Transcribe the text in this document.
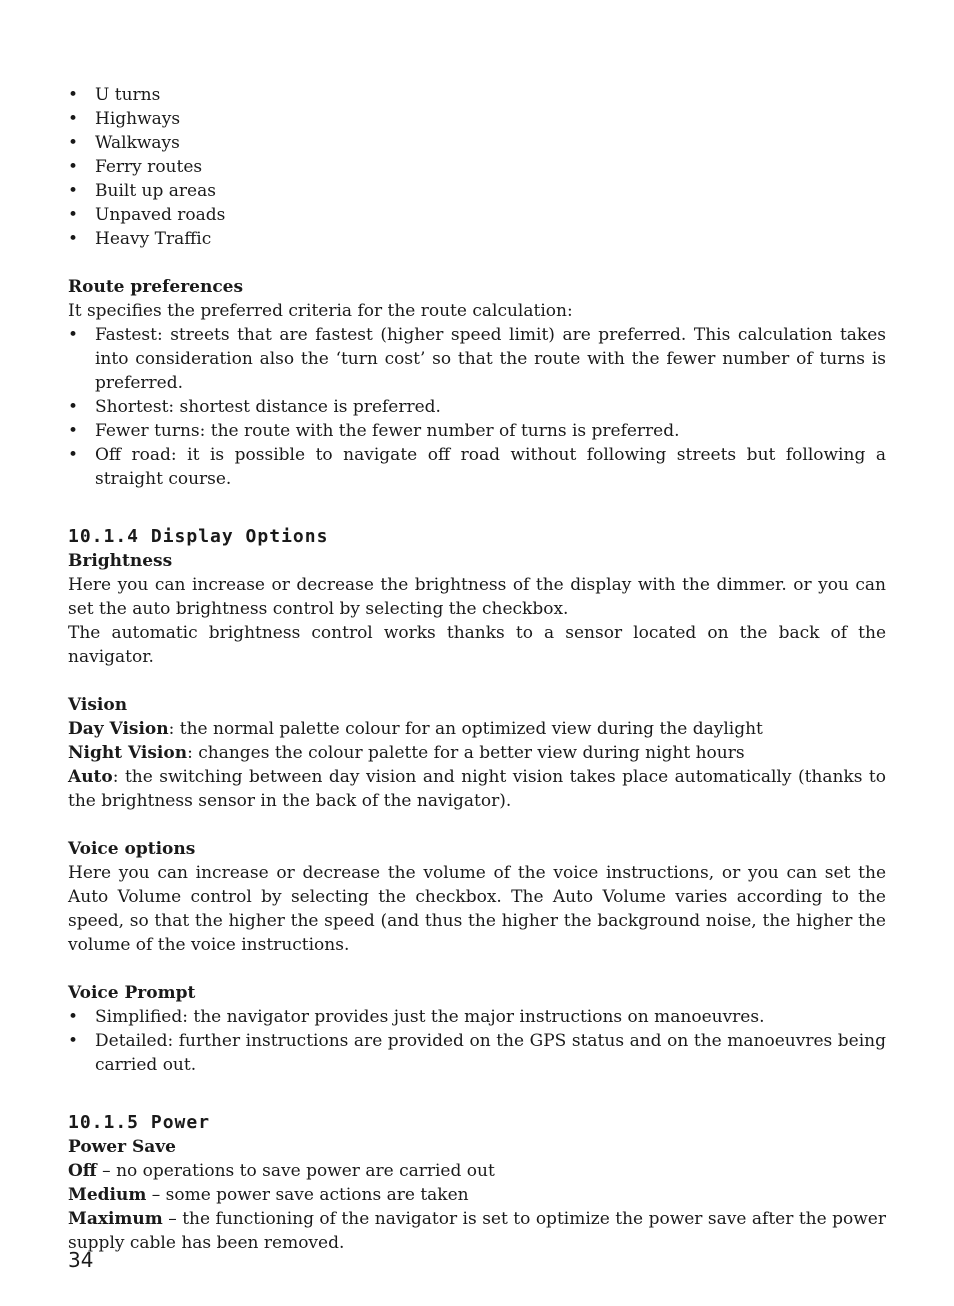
• U turns
• Highways
• Walkways
• Ferry routes
• Built up areas
• Unpaved roads
• Heavy Traffic
Route preferences

It specifies the preferred criteria for the route calculation:

• Fastest: streets that are fastest (higher speed limit) are preferred. This calculation takes into consideration also the ‘turn cost’ so that the route with the fewer number of turns is preferred.
• Shortest: shortest distance is preferred.
• Fewer turns: the route with the fewer number of turns is preferred.
• Off road: it is possible to navigate off road without following streets but following a straight course.
10.1.4 Display Options
Brightness

Here you can increase or decrease the brightness of the display with the dimmer. or you can set the auto brightness control by selecting the checkbox.

The automatic brightness control works thanks to a sensor located on the back of the navigator.

Vision

Day Vision: the normal palette colour for an optimized view during the daylight

Night Vision: changes the colour palette for a better view during night hours

Auto: the switching between day vision and night vision takes place automatically (thanks to the brightness sensor in the back of the navigator).

Voice options

Here you can increase or decrease the volume of the voice instructions, or you can set the Auto Volume control by selecting the checkbox. The Auto Volume varies according to the speed, so that the higher the speed (and thus the higher the background noise, the higher the volume of the voice instructions.

Voice Prompt
• Simplified: the navigator provides just the major instructions on manoeuvres.
• Detailed: further instructions are provided on the GPS status and on the manoeuvres being carried out.
10.1.5 Power
Power Save

Off – no operations to save power are carried out

Medium – some power save actions are taken

Maximum – the functioning of the navigator is set to optimize the power save after the power supply cable has been removed.

34
